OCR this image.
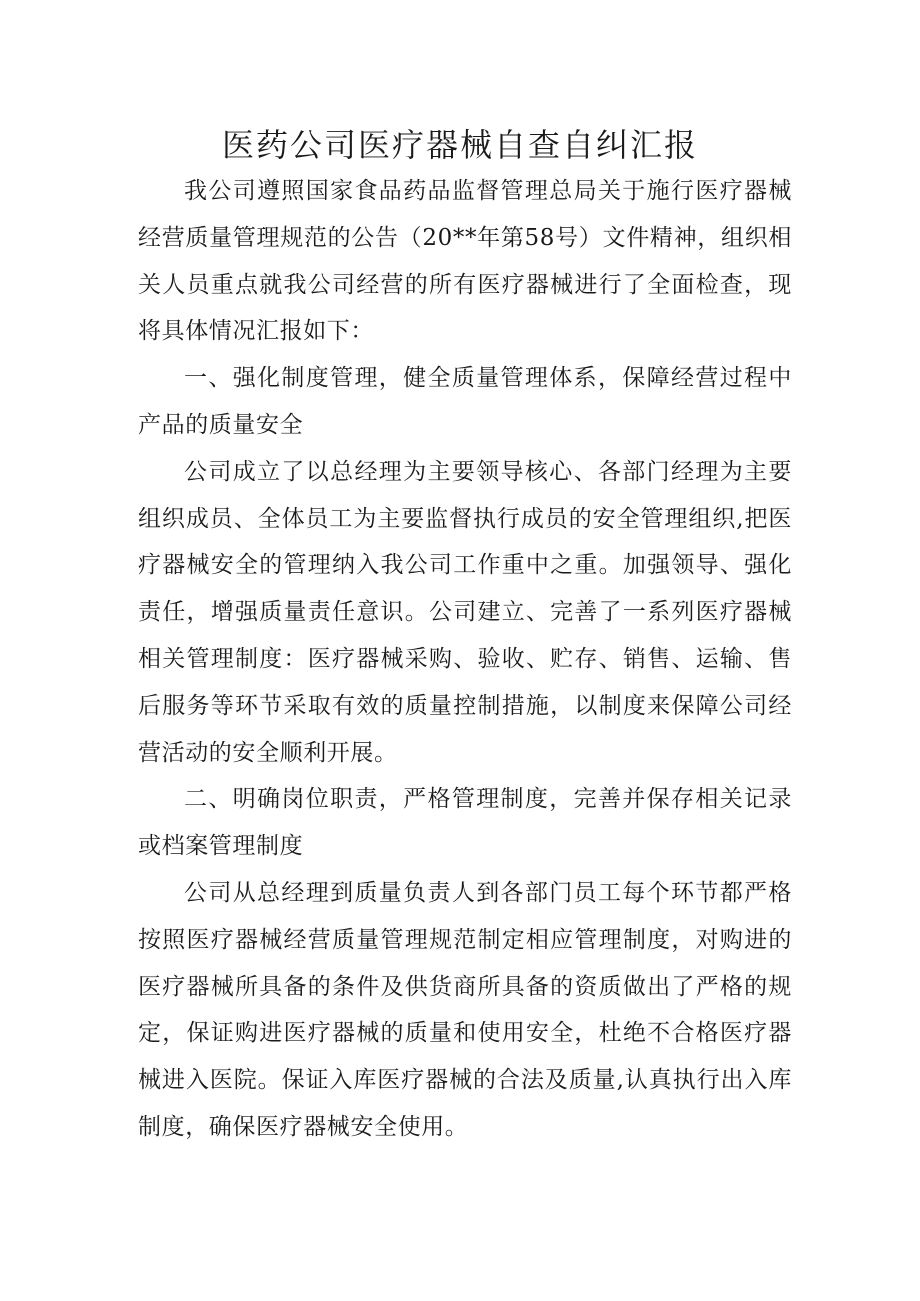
医药公司医疗器械自查自纠汇报

我公司遵照国家食品药品监督管理总局关于施行医疗器械经营质量管理规范的公告（20**年第58号）文件精神，组织相关人员重点就我公司经营的所有医疗器械进行了全面检查，现将具体情况汇报如下：

一、强化制度管理，健全质量管理体系，保障经营过程中产品的质量安全

公司成立了以总经理为主要领导核心、各部门经理为主要组织成员、全体员工为主要监督执行成员的安全管理组织,把医疗器械安全的管理纳入我公司工作重中之重。加强领导、强化责任，增强质量责任意识。公司建立、完善了一系列医疗器械相关管理制度：医疗器械采购、验收、贮存、销售、运输、售后服务等环节采取有效的质量控制措施，以制度来保障公司经营活动的安全顺利开展。

二、明确岗位职责，严格管理制度，完善并保存相关记录或档案管理制度

公司从总经理到质量负责人到各部门员工每个环节都严格按照医疗器械经营质量管理规范制定相应管理制度，对购进的医疗器械所具备的条件及供货商所具备的资质做出了严格的规定，保证购进医疗器械的质量和使用安全，杜绝不合格医疗器械进入医院。保证入库医疗器械的合法及质量,认真执行出入库制度，确保医疗器械安全使用。
